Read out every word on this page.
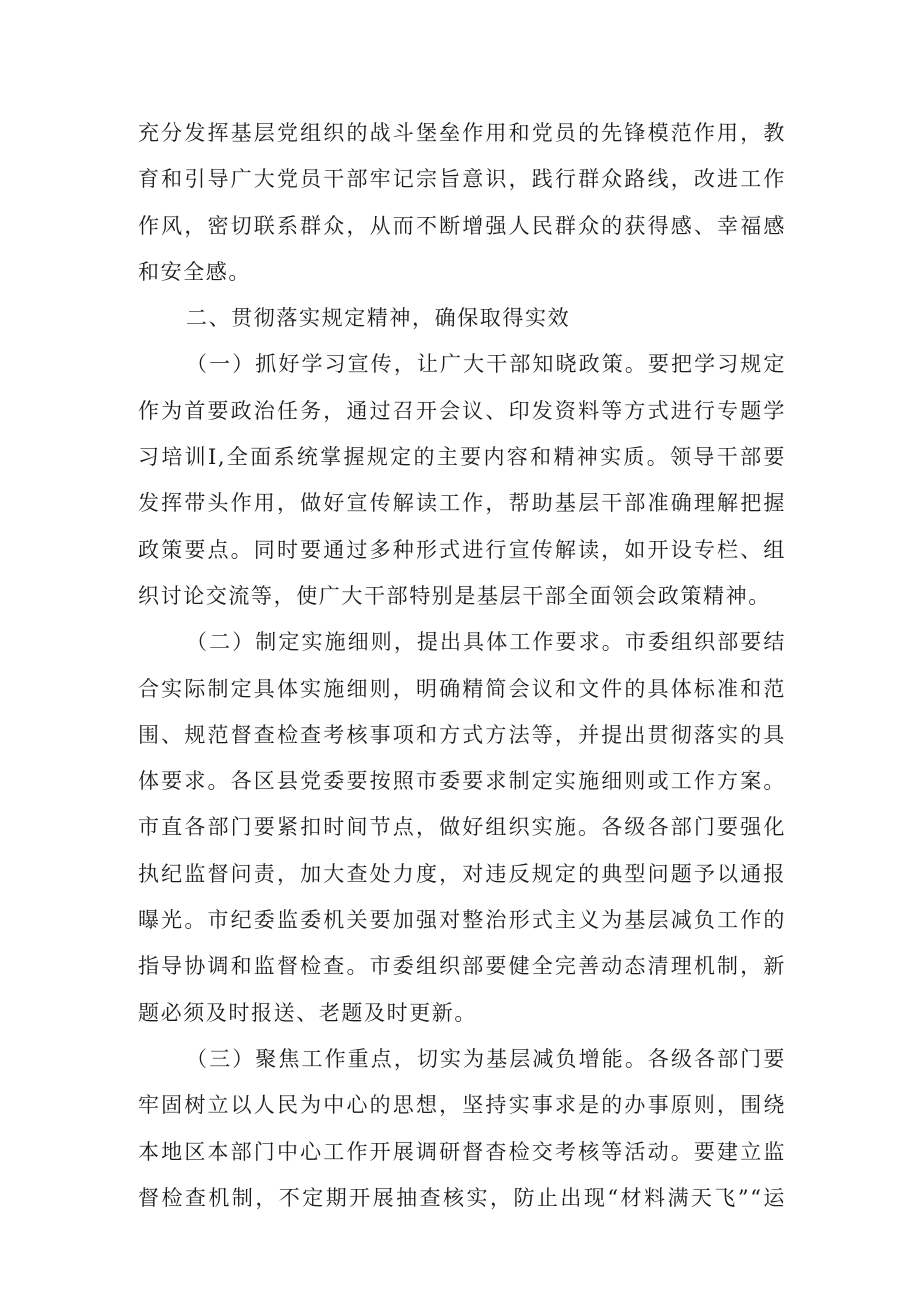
充分发挥基层党组织的战斗堡垒作用和党员的先锋模范作用，教
育和引导广大党员干部牢记宗旨意识，践行群众路线，改进工作
作风，密切联系群众，从而不断增强人民群众的获得感、幸福感
和安全感。
二、贯彻落实规定精神，确保取得实效
（一）抓好学习宣传，让广大干部知晓政策。要把学习规定
作为首要政治任务，通过召开会议、印发资料等方式进行专题学
习培训I,全面系统掌握规定的主要内容和精神实质。领导干部要
发挥带头作用，做好宣传解读工作，帮助基层干部准确理解把握
政策要点。同时要通过多种形式进行宣传解读，如开设专栏、组
织讨论交流等，使广大干部特别是基层干部全面领会政策精神。
（二）制定实施细则，提出具体工作要求。市委组织部要结
合实际制定具体实施细则，明确精简会议和文件的具体标准和范
围、规范督查检查考核事项和方式方法等，并提出贯彻落实的具
体要求。各区县党委要按照市委要求制定实施细则或工作方案。
市直各部门要紧扣时间节点，做好组织实施。各级各部门要强化
执纪监督问责，加大查处力度，对违反规定的典型问题予以通报
曝光。市纪委监委机关要加强对整治形式主义为基层减负工作的
指导协调和监督检查。市委组织部要健全完善动态清理机制，新
题必须及时报送、老题及时更新。
（三）聚焦工作重点，切实为基层减负增能。各级各部门要
牢固树立以人民为中心的思想，坚持实事求是的办事原则，围绕
本地区本部门中心工作开展调研督杳检交考核等活动。要建立监
督检查机制，不定期开展抽查核实，防止出现“材料满天飞”“运
